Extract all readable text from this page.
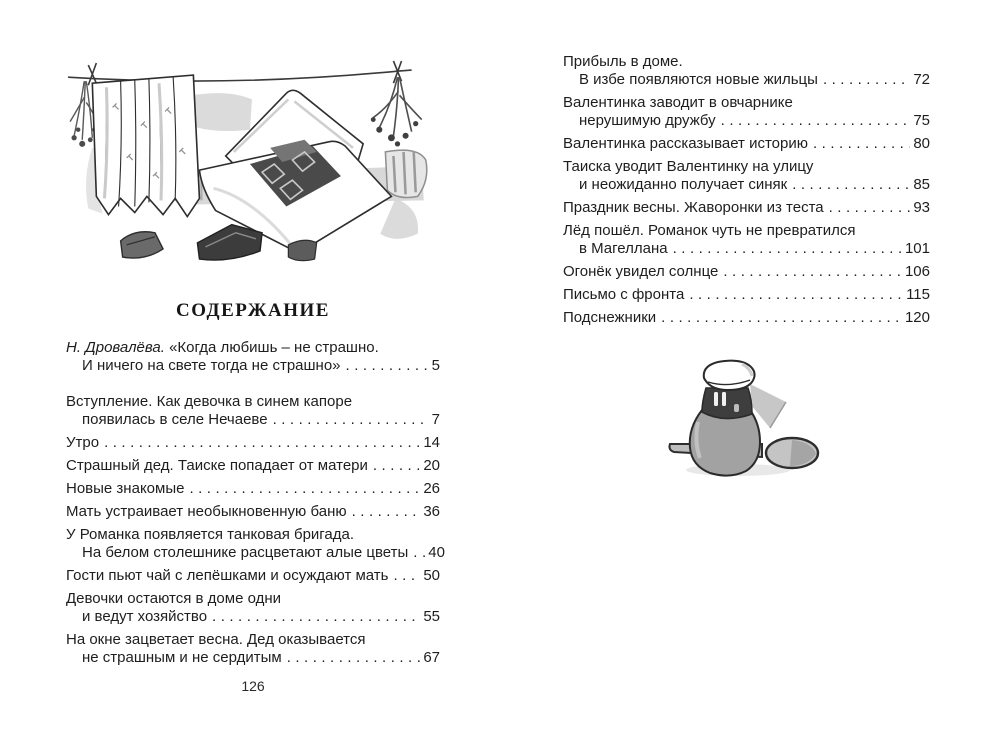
СОДЕРЖАНИЕ
Н. Дровалёва. «Когда любишь – не страшно.
И ничего на свете тогда не страшно» .....	5
Вступление. Как девочка в синем капоре
появилась в селе Нечаеве .....	7
Утро .....	14
Страшный дед. Таиске попадает от матери .....	20
Новые знакомые .....	26
Мать устраивает необыкновенную баню .....	36
У Романка появляется танковая бригада.
На белом столешнике расцветают алые цветы ..... 40
Гости пьют чай с лепёшками и осуждают мать ..... 50
Девочки остаются в доме одни
и ведут хозяйство .....	55
На окне зацветает весна. Дед оказывается
не страшным и не сердитым .....	67
126
Прибыль в доме.
В избе появляются новые жильцы .....	72
Валентинка заводит в овчарнике
нерушимую дружбу .....	75
Валентинка рассказывает историю .....	80
Таиска уводит Валентинку на улицу
и неожиданно получает синяк .....	85
Праздник весны. Жаворонки из теста .....	93
Лёд пошёл. Романок чуть не превратился
в Магеллана .....	101
Огонёк увидел солнце .....	106
Письмо с фронта .....	115
Подснежники .....	120
